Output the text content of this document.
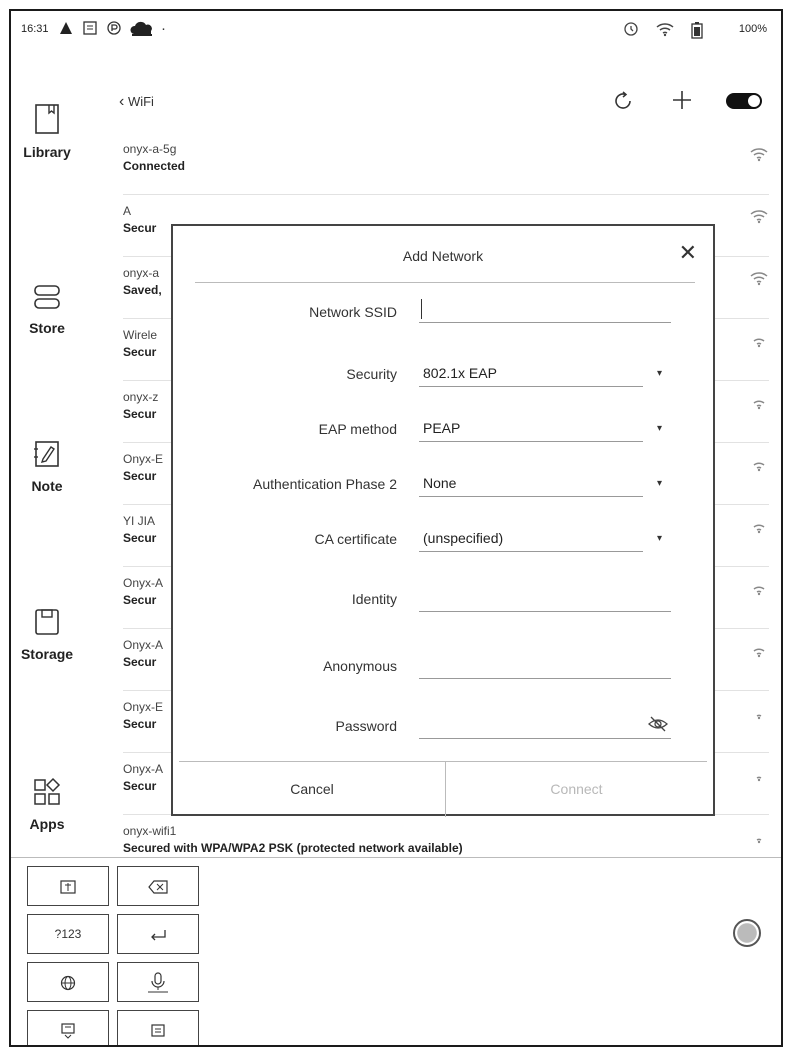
16:31	·	100%
Library
Store
Note
Storage
Apps
‹ WiFi
onyx-a-5g
Connected
A
Secur
onyx-a
Saved,
Wirele
Secur
onyx-z
Secur
Onyx-E
Secur
YI JIA
Secur
Onyx-A
Secur
Onyx-A
Secur
Onyx-E
Secur
Onyx-A
Secur
onyx-wifi1
Secured with WPA/WPA2 PSK (protected network available)
Add Network	✕
Network SSID
Security 802.1x EAP	▾
EAP method PEAP	▾
Authentication Phase 2 None	▾
CA certificate (unspecified)	▾
Identity
Anonymous
Password
Cancel	Connect
?123
